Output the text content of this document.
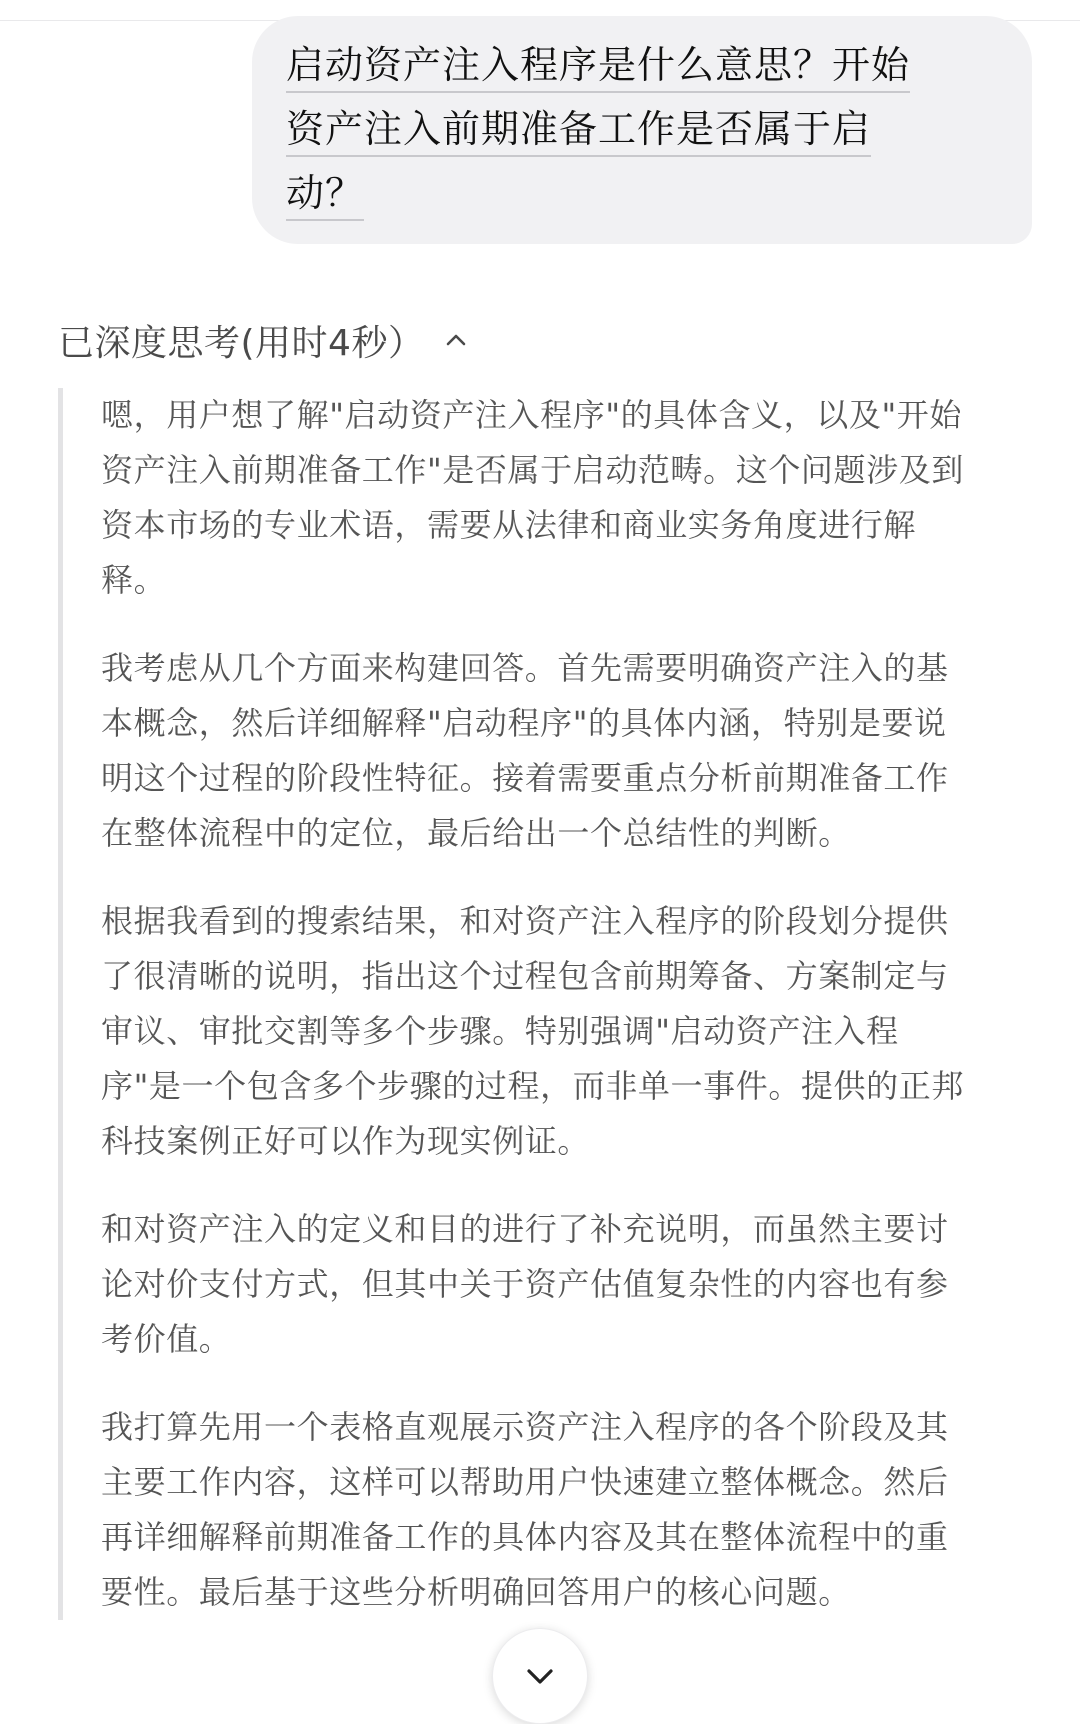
启动资产注入程序是什么意思？开始
资产注入前期准备工作是否属于启
动？
已深度思考(用时4秒）

嗯，用户想了解"启动资产注入程序"的具体含义，以及"开始
资产注入前期准备工作"是否属于启动范畴。这个问题涉及到
资本市场的专业术语，需要从法律和商业实务角度进行解
释。

我考虑从几个方面来构建回答。首先需要明确资产注入的基
本概念，然后详细解释"启动程序"的具体内涵，特别是要说
明这个过程的阶段性特征。接着需要重点分析前期准备工作
在整体流程中的定位，最后给出一个总结性的判断。

根据我看到的搜索结果，和对资产注入程序的阶段划分提供
了很清晰的说明，指出这个过程包含前期筹备、方案制定与
审议、审批交割等多个步骤。特别强调"启动资产注入程
序"是一个包含多个步骤的过程，而非单一事件。提供的正邦
科技案例正好可以作为现实例证。

和对资产注入的定义和目的进行了补充说明，而虽然主要讨
论对价支付方式，但其中关于资产估值复杂性的内容也有参
考价值。

我打算先用一个表格直观展示资产注入程序的各个阶段及其
主要工作内容，这样可以帮助用户快速建立整体概念。然后
再详细解释前期准备工作的具体内容及其在整体流程中的重
要性。最后基于这些分析明确回答用户的核心问题。
